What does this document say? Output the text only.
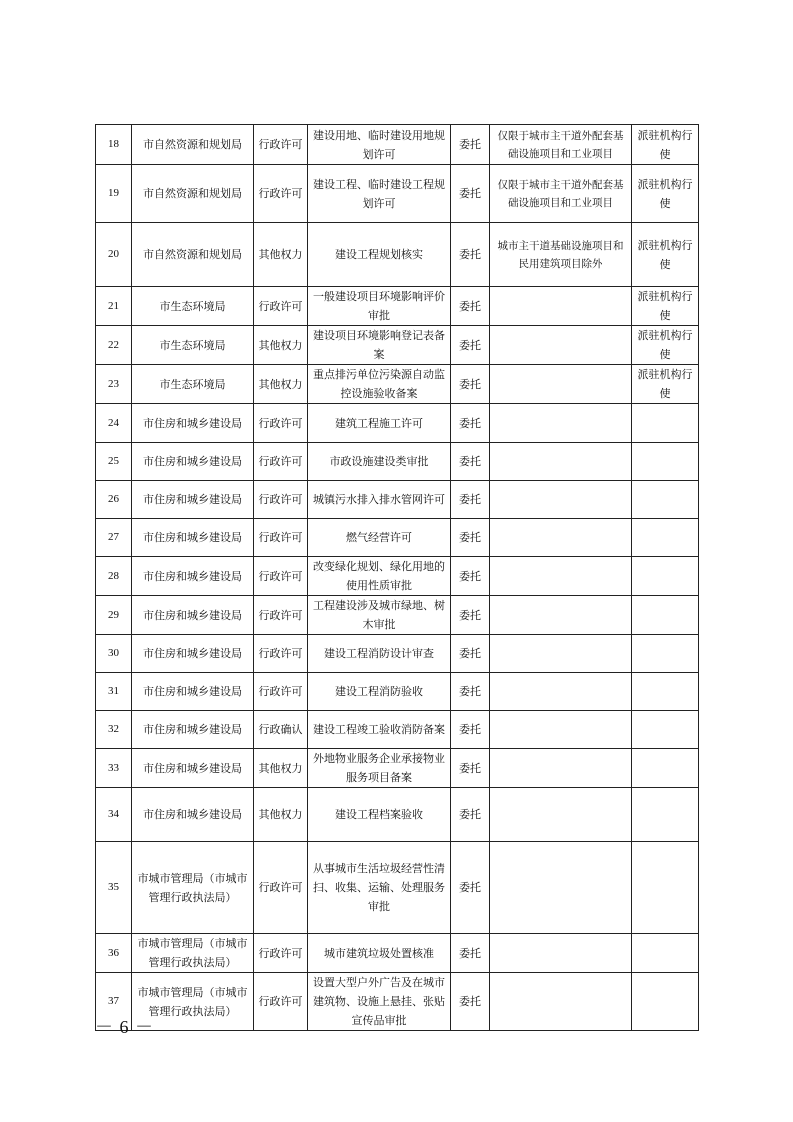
18	市自然资源和规划局	行政许可	建设用地、临时建设用地规划许可	委托	仅限于城市主干道外配套基础设施项目和工业项目	派驻机构行使
19	市自然资源和规划局	行政许可	建设工程、临时建设工程规划许可	委托	仅限于城市主干道外配套基础设施项目和工业项目	派驻机构行使
20	市自然资源和规划局	其他权力	建设工程规划核实	委托	城市主干道基础设施项目和民用建筑项目除外	派驻机构行使
21	市生态环境局	行政许可	一般建设项目环境影响评价审批	委托		派驻机构行使
22	市生态环境局	其他权力	建设项目环境影响登记表备案	委托		派驻机构行使
23	市生态环境局	其他权力	重点排污单位污染源自动监控设施验收备案	委托		派驻机构行使
24	市住房和城乡建设局	行政许可	建筑工程施工许可	委托		
25	市住房和城乡建设局	行政许可	市政设施建设类审批	委托		
26	市住房和城乡建设局	行政许可	城镇污水排入排水管网许可	委托		
27	市住房和城乡建设局	行政许可	燃气经营许可	委托		
28	市住房和城乡建设局	行政许可	改变绿化规划、绿化用地的使用性质审批	委托		
29	市住房和城乡建设局	行政许可	工程建设涉及城市绿地、树木审批	委托		
30	市住房和城乡建设局	行政许可	建设工程消防设计审查	委托		
31	市住房和城乡建设局	行政许可	建设工程消防验收	委托		
32	市住房和城乡建设局	行政确认	建设工程竣工验收消防备案	委托		
33	市住房和城乡建设局	其他权力	外地物业服务企业承接物业服务项目备案	委托		
34	市住房和城乡建设局	其他权力	建设工程档案验收	委托		
35	市城市管理局（市城市管理行政执法局）	行政许可	从事城市生活垃圾经营性清扫、收集、运输、处理服务审批	委托		
36	市城市管理局（市城市管理行政执法局）	行政许可	城市建筑垃圾处置核准	委托		
37	市城市管理局（市城市管理行政执法局）	行政许可	设置大型户外广告及在城市建筑物、设施上悬挂、张贴宣传品审批	委托		
－ 6 －
